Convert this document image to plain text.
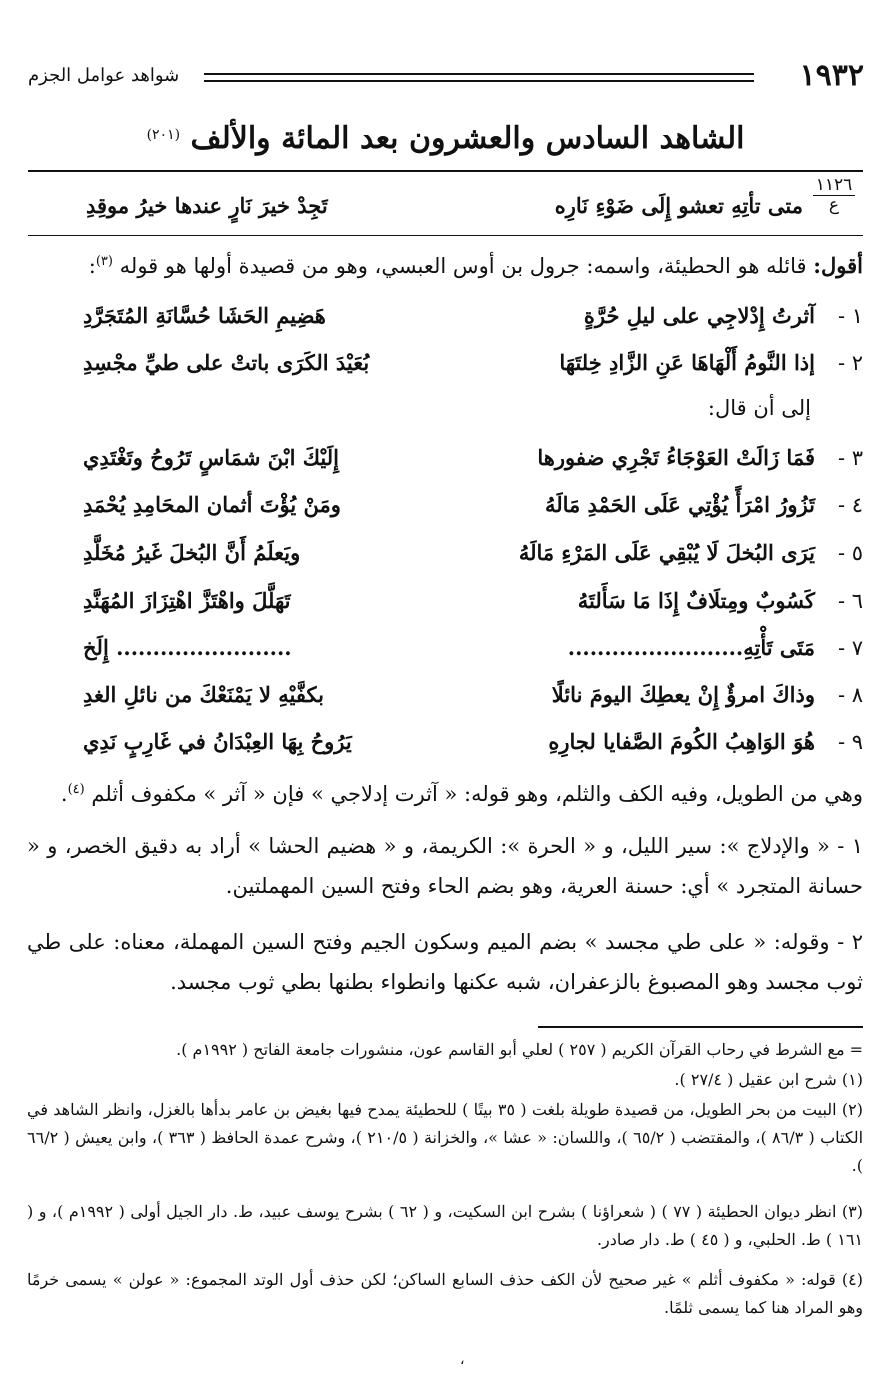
١٩٣٢
شواهد عوامل الجزم
الشاهد السادس والعشرون بعد المائة والألف $^{(٢٠١)}$
١١٢٦
ع
متى تأتِهِ تعشو إِلَى ضَوْءِ نَارِه
تَجِدْ خيرَ نَارٍ عندها خيرُ موقِدِ
أقول: قائله هو الحطيئة، واسمه: جرول بن أوس العبسي، وهو من قصيدة أولها هو قوله $^{(٣)}$:
١ -
آثرتُ إِدْلاجِي على ليلِ حُرَّةٍ
هَضِيمِ الحَشَا حُسَّانَةِ المُتَجَرَّدِ
٢ -
إذا النَّومُ أَلْهَاهَا عَنِ الزَّادِ خِلتَهَا
بُعَيْدَ الكَرَى باتتْ على طيِّ مجْسِدِ
إلى أن قال:
٣ -
فَمَا زَالَتْ العَوْجَاءُ تَجْرِي ضفورها
إِلَيْكَ ابْنَ شمَاسٍ تَرُوحُ وتَغْتَدِي
٤ -
تَزُورُ امْرَأً يُؤْتِي عَلَى الحَمْدِ مَالَهُ
ومَنْ يُؤْتَ أثمان المحَامِدِ يُحْمَدِ
٥ -
يَرَى البُخلَ لَا يُبْقِي عَلَى المَرْءِ مَالَهُ
ويَعلَمُ أَنَّ البُخلَ غَيرُ مُخَلَّدِ
٦ -
كَسُوبٌ ومِتلَافٌ إِذَا مَا سَأَلتَهُ
تَهَلَّلَ واهْتَزَّ اهْتِزَازَ المُهَنَّدِ
٧ -
مَتَى تَأْتِهِ........................
........................ إِلَخ
٨ -
وذاكَ امرؤٌ إِنْ يعطِكَ اليومَ نائلًا
بكفَّيْهِ لا يَمْنَعْكَ من نائلِ الغدِ
٩ -
هُوَ الوَاهِبُ الكُومَ الصَّفايا لجارِهِ
يَرُوحُ بِهَا العِبْدَانُ في غَارِبٍ نَدِي
وهي من الطويل، وفيه الكف والثلم، وهو قوله: « آثرت إدلاجي » فإن « آثر » مكفوف أثلم $^{(٤)}$.
١ - « والإدلاج »: سير الليل، و « الحرة »: الكريمة، و « هضيم الحشا » أراد به دقيق الخصر، و « حسانة المتجرد » أي: حسنة العرية، وهو بضم الحاء وفتح السين المهملتين.
٢ - وقوله: « على طي مجسد » بضم الميم وسكون الجيم وفتح السين المهملة، معناه: على طي ثوب مجسد وهو المصبوغ بالزعفران، شبه عكنها وانطواء بطنها بطي ثوب مجسد.
= مع الشرط في رحاب القرآن الكريم ( ٢٥٧ ) لعلي أبو القاسم عون، منشورات جامعة الفاتح ( ١٩٩٢م ).
(١) شرح ابن عقيل ( ٢٧/٤ ).
(٢) البيت من بحر الطويل، من قصيدة طويلة بلغت ( ٣٥ بيتًا ) للحطيئة يمدح فيها بغيض بن عامر بدأها بالغزل، وانظر الشاهد في الكتاب ( ٨٦/٣ )، والمقتضب ( ٦٥/٢ )، واللسان: « عشا »، والخزانة ( ٢١٠/٥ )، وشرح عمدة الحافظ ( ٣٦٣ )، وابن يعيش ( ٦٦/٢ ).
(٣) انظر ديوان الحطيئة ( ٧٧ ) ( شعراؤنا ) بشرح ابن السكيت، و ( ٦٢ ) بشرح يوسف عبيد، ط. دار الجيل أولى ( ١٩٩٢م )، و ( ١٦١ ) ط. الحلبي، و ( ٤٥ ) ط. دار صادر.
(٤) قوله: « مكفوف أثلم » غير صحيح لأن الكف حذف السابع الساكن؛ لكن حذف أول الوتد المجموع: « عولن » يسمى خرمًا وهو المراد هنا كما يسمى ثلمًا.
،
